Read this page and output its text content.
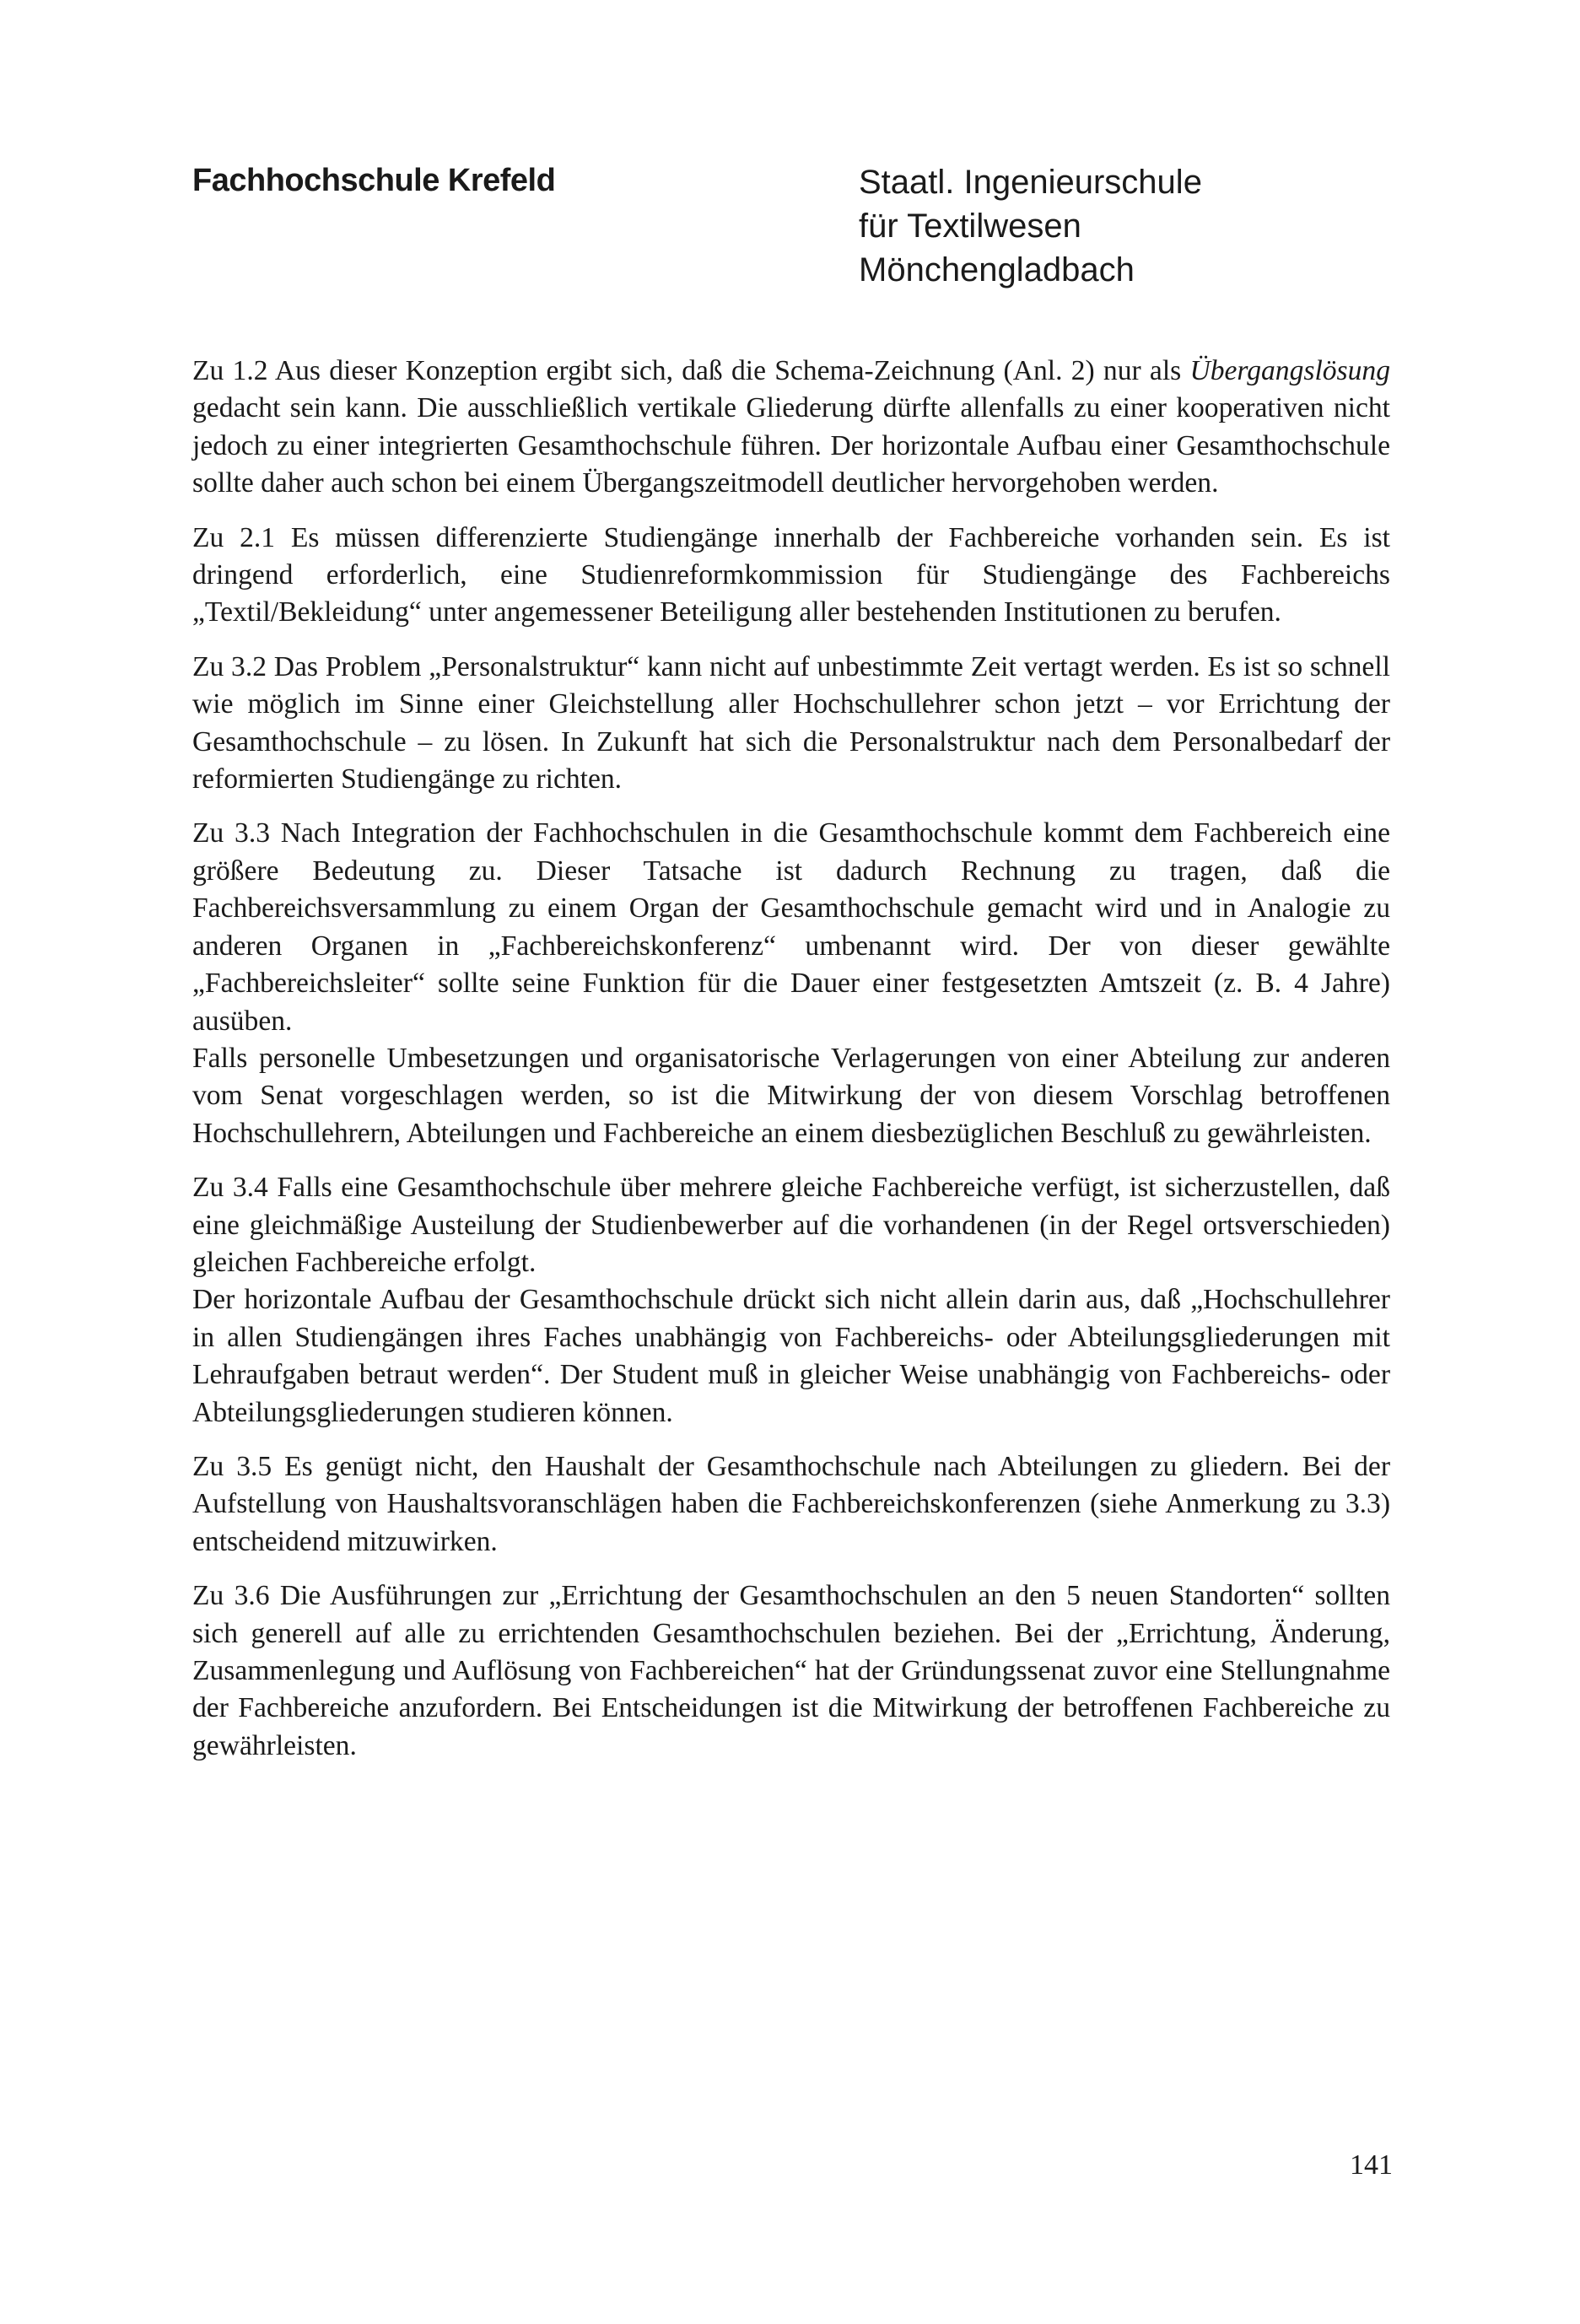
Fachhochschule Krefeld	Staatl. Ingenieurschule
für Textilwesen
Mönchengladbach

Zu 1.2 Aus dieser Konzeption ergibt sich, daß die Schema-Zeichnung (Anl. 2) nur als Übergangslösung gedacht sein kann. Die ausschließlich vertikale Gliederung dürfte allenfalls zu einer kooperativen nicht jedoch zu einer integrierten Gesamthochschule führen. Der horizontale Aufbau einer Gesamthochschule sollte daher auch schon bei einem Übergangszeitmodell deutlicher hervorgehoben werden.

Zu 2.1 Es müssen differenzierte Studiengänge innerhalb der Fachbereiche vorhanden sein. Es ist dringend erforderlich, eine Studienreformkommission für Studiengänge des Fachbereichs „Textil/Bekleidung“ unter angemessener Beteiligung aller bestehenden Institutionen zu berufen.

Zu 3.2 Das Problem „Personalstruktur“ kann nicht auf unbestimmte Zeit vertagt werden. Es ist so schnell wie möglich im Sinne einer Gleichstellung aller Hochschullehrer schon jetzt – vor Errichtung der Gesamthochschule – zu lösen. In Zukunft hat sich die Personalstruktur nach dem Personalbedarf der reformierten Studiengänge zu richten.

Zu 3.3 Nach Integration der Fachhochschulen in die Gesamthochschule kommt dem Fachbereich eine größere Bedeutung zu. Dieser Tatsache ist dadurch Rechnung zu tragen, daß die Fachbereichsversammlung zu einem Organ der Gesamthochschule gemacht wird und in Analogie zu anderen Organen in „Fachbereichskonferenz“ umbenannt wird. Der von dieser gewählte „Fachbereichsleiter“ sollte seine Funktion für die Dauer einer festgesetzten Amtszeit (z. B. 4 Jahre) ausüben.

Falls personelle Umbesetzungen und organisatorische Verlagerungen von einer Abteilung zur anderen vom Senat vorgeschlagen werden, so ist die Mitwirkung der von diesem Vorschlag betroffenen Hochschullehrern, Abteilungen und Fachbereiche an einem diesbezüglichen Beschluß zu gewährleisten.

Zu 3.4 Falls eine Gesamthochschule über mehrere gleiche Fachbereiche verfügt, ist sicherzustellen, daß eine gleichmäßige Austeilung der Studienbewerber auf die vorhandenen (in der Regel ortsverschieden) gleichen Fachbereiche erfolgt.

Der horizontale Aufbau der Gesamthochschule drückt sich nicht allein darin aus, daß „Hochschullehrer in allen Studiengängen ihres Faches unabhängig von Fachbereichs- oder Abteilungsgliederungen mit Lehraufgaben betraut werden“. Der Student muß in gleicher Weise unabhängig von Fachbereichs- oder Abteilungsgliederungen studieren können.

Zu 3.5 Es genügt nicht, den Haushalt der Gesamthochschule nach Abteilungen zu gliedern. Bei der Aufstellung von Haushaltsvoranschlägen haben die Fachbereichskonferenzen (siehe Anmerkung zu 3.3) entscheidend mitzuwirken.

Zu 3.6 Die Ausführungen zur „Errichtung der Gesamthochschulen an den 5 neuen Standorten“ sollten sich generell auf alle zu errichtenden Gesamthochschulen beziehen. Bei der „Errichtung, Änderung, Zusammenlegung und Auflösung von Fachbereichen“ hat der Gründungssenat zuvor eine Stellungnahme der Fachbereiche anzufordern. Bei Entscheidungen ist die Mitwirkung der betroffenen Fachbereiche zu gewährleisten.

141
